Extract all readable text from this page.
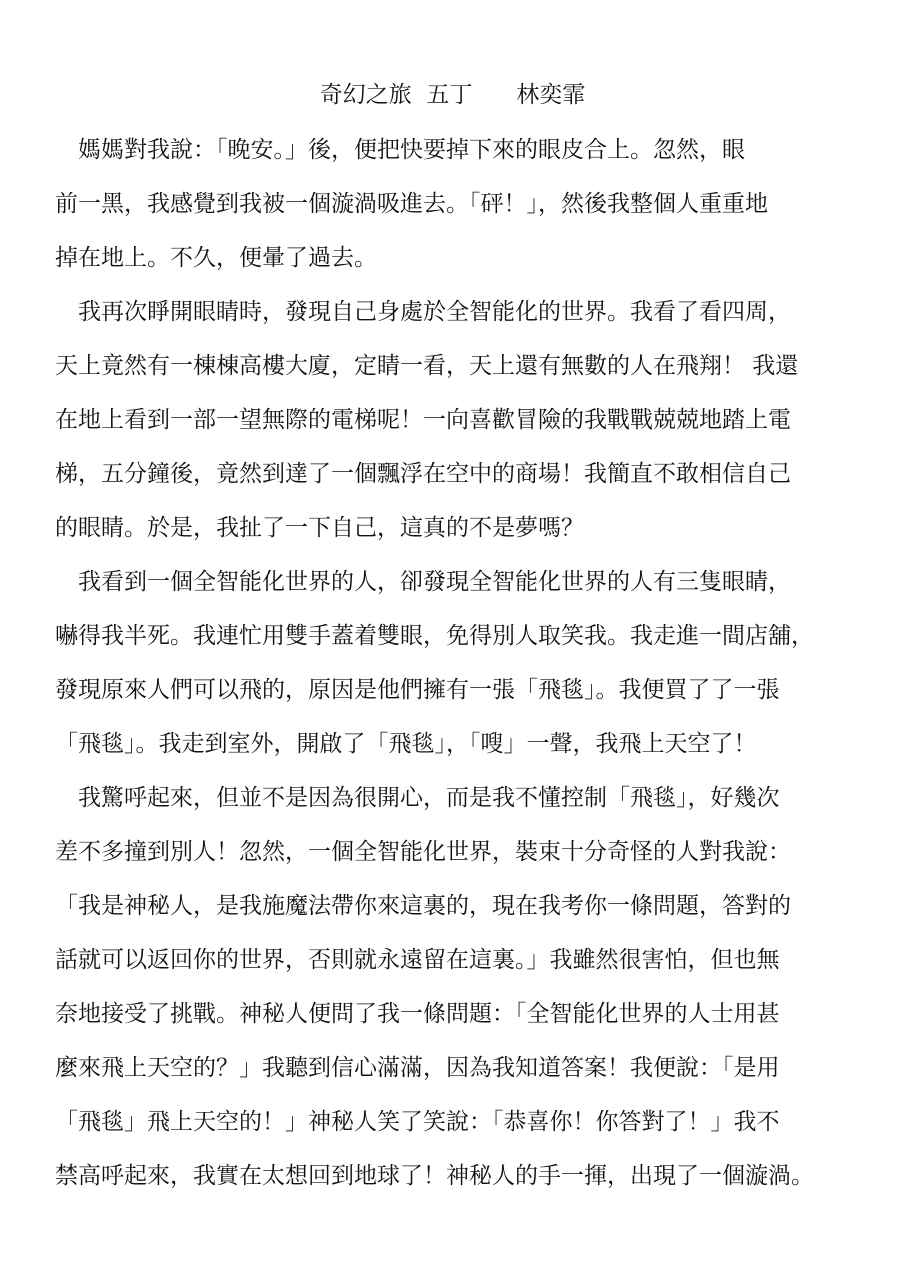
奇幻之旅  五丁      林奕霏
　媽媽對我說：「晚安。」後，便把快要掉下來的眼皮合上。忽然，眼
前一黑，我感覺到我被一個漩渦吸進去。「砰！」，然後我整個人重重地
掉在地上。不久，便暈了過去。
　我再次睜開眼睛時，發現自己身處於全智能化的世界。我看了看四周，
天上竟然有一棟棟高樓大廈，定睛一看，天上還有無數的人在飛翔！ 我還
在地上看到一部一望無際的電梯呢！一向喜歡冒險的我戰戰兢兢地踏上電
梯，五分鐘後，竟然到達了一個飄浮在空中的商場！我簡直不敢相信自己
的眼睛。於是，我扯了一下自己，這真的不是夢嗎？
　我看到一個全智能化世界的人，卻發現全智能化世界的人有三隻眼睛，
嚇得我半死。我連忙用雙手蓋着雙眼，免得別人取笑我。我走進一間店舖，
發現原來人們可以飛的，原因是他們擁有一張「飛毯」。我便買了了一張
「飛毯」。我走到室外，開啟了「飛毯」，「嗖」一聲，我飛上天空了！
　我驚呼起來，但並不是因為很開心，而是我不懂控制「飛毯」，好幾次
差不多撞到別人！忽然，一個全智能化世界，裝束十分奇怪的人對我說：
「我是神秘人，是我施魔法帶你來這裏的，現在我考你一條問題，答對的
話就可以返回你的世界，否則就永遠留在這裏。」我雖然很害怕，但也無
奈地接受了挑戰。神秘人便問了我一條問題：「全智能化世界的人士用甚
麼來飛上天空的？」我聽到信心滿滿，因為我知道答案！我便說：「是用
「飛毯」飛上天空的！」神秘人笑了笑說：「恭喜你！你答對了！」我不
禁高呼起來，我實在太想回到地球了！神秘人的手一揮，出現了一個漩渦。
